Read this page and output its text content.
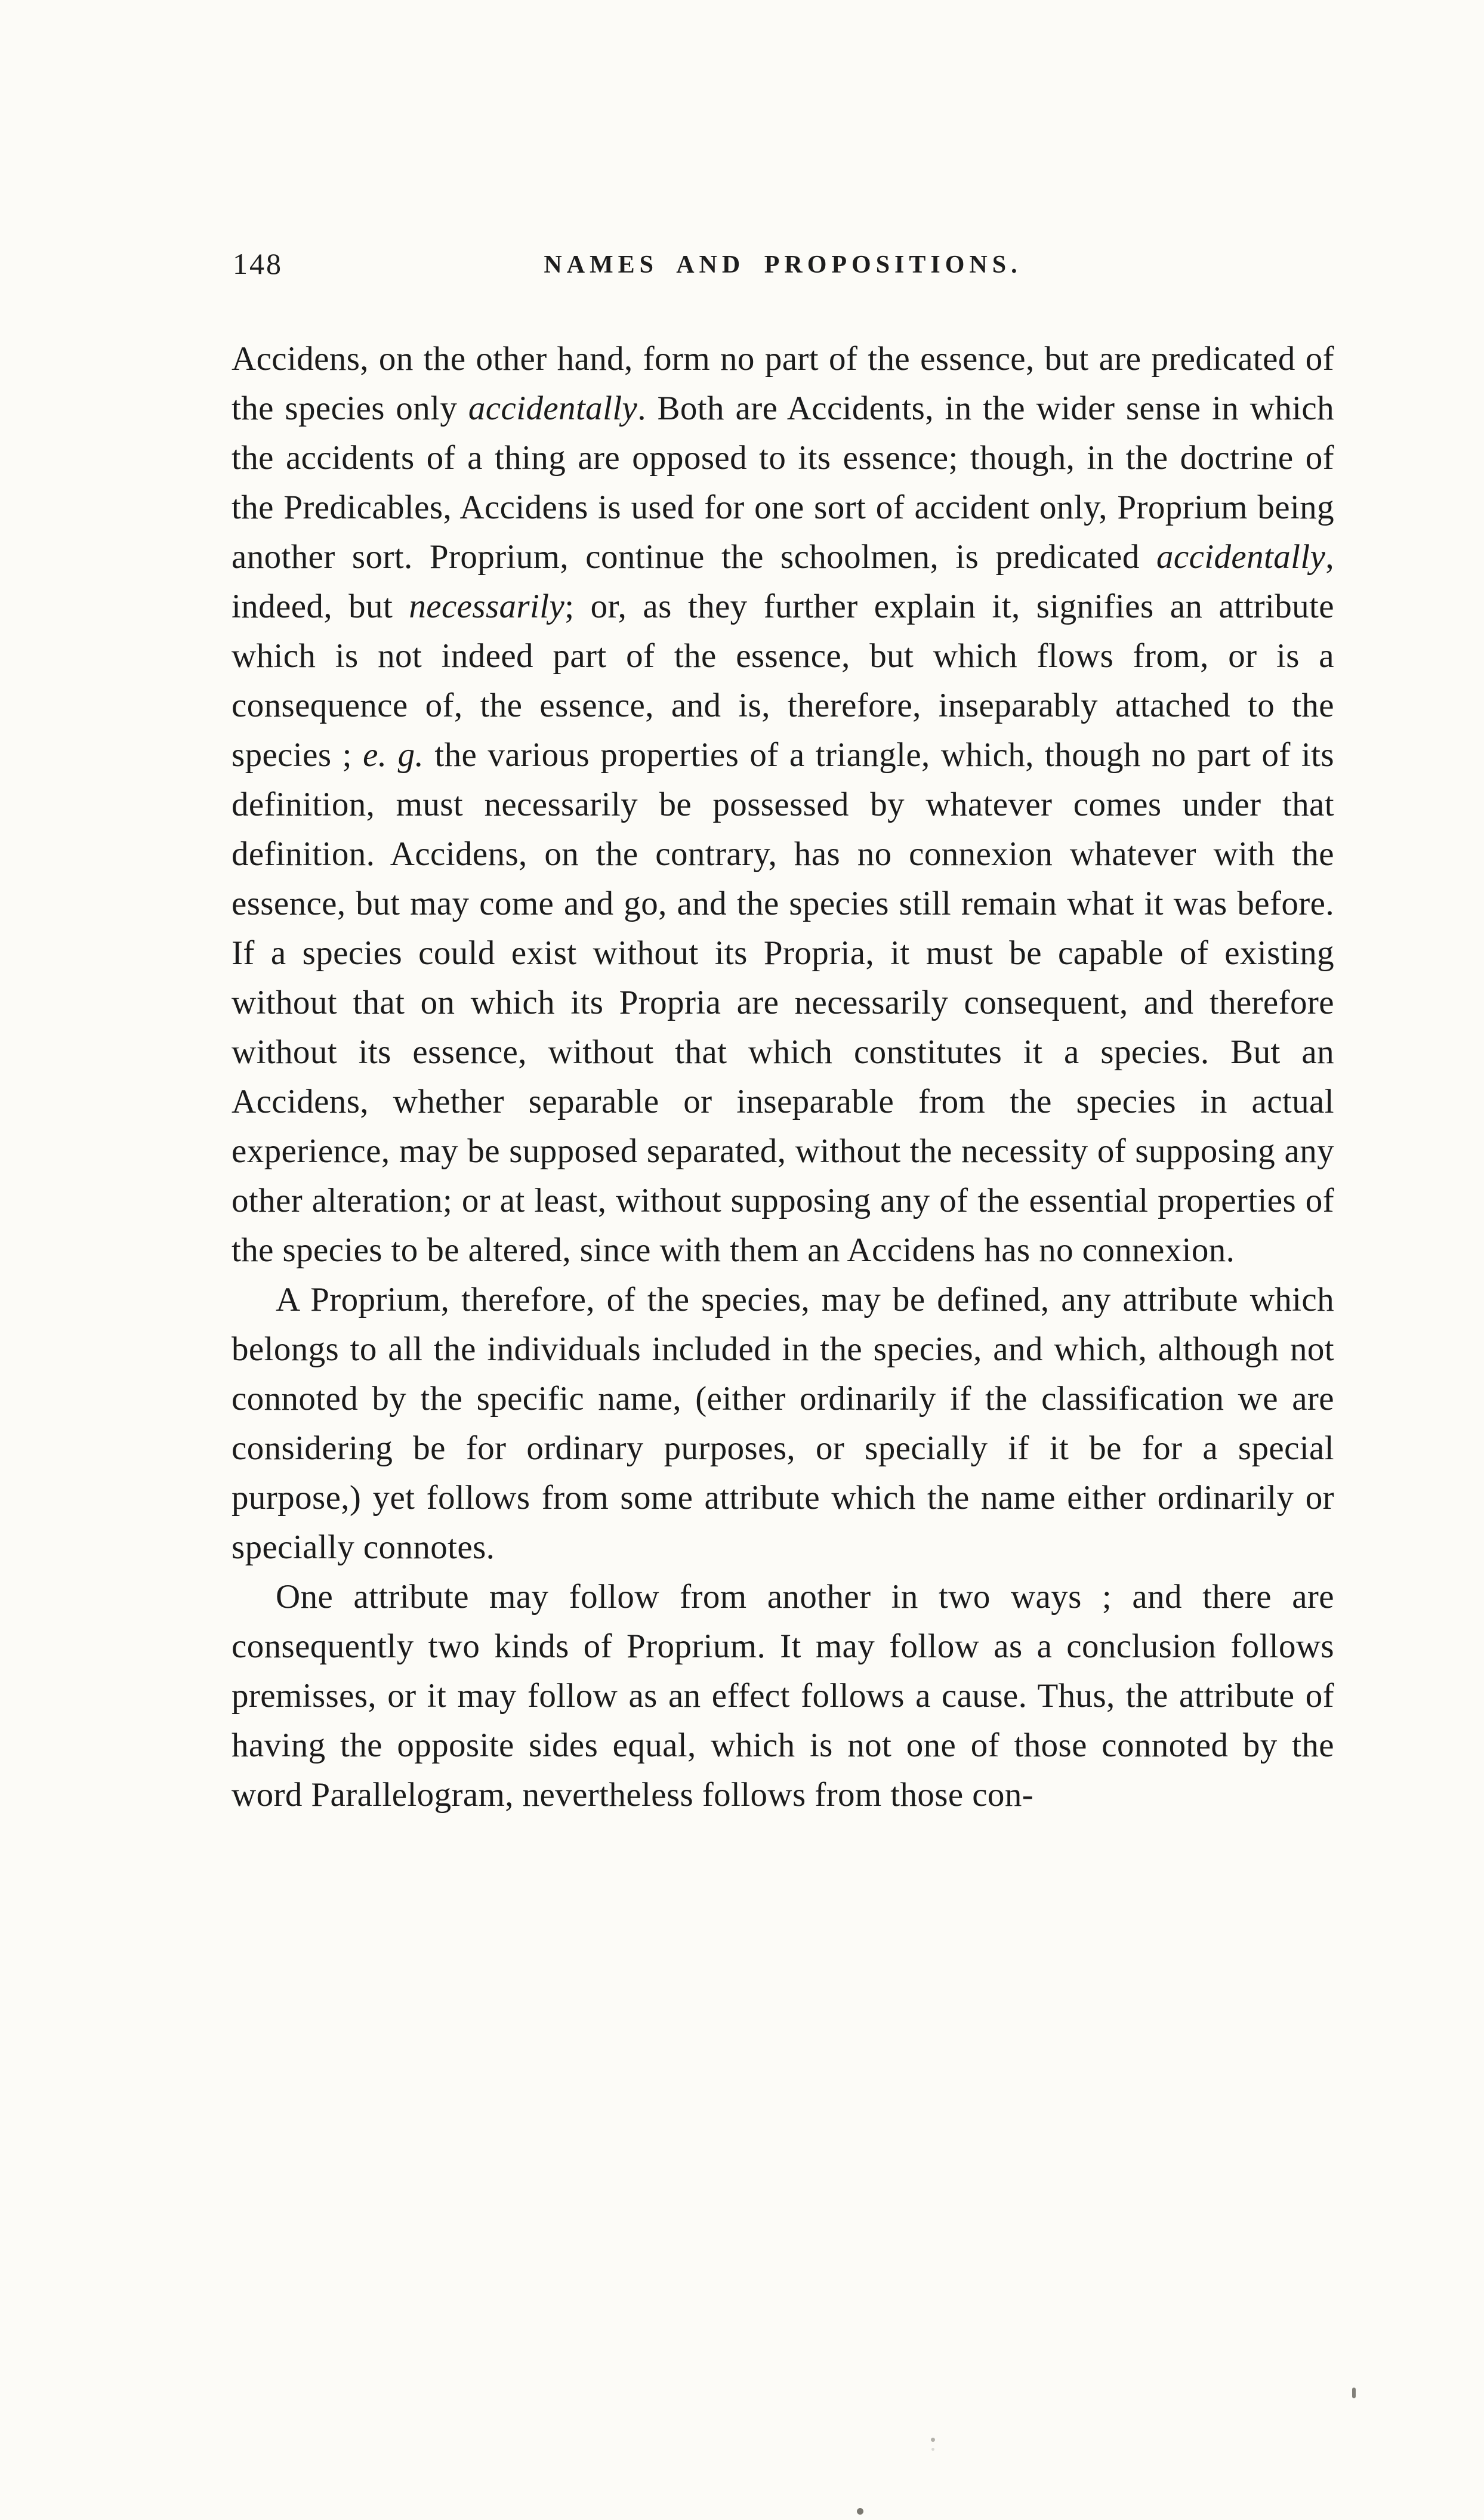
148	NAMES AND PROPOSITIONS.

Accidens, on the other hand, form no part of the essence, but are predicated of the species only accidentally. Both are Accidents, in the wider sense in which the accidents of a thing are opposed to its essence; though, in the doctrine of the Predicables, Accidens is used for one sort of accident only, Proprium being another sort. Proprium, continue the schoolmen, is predicated accidentally, indeed, but necessarily; or, as they further explain it, signifies an attribute which is not indeed part of the essence, but which flows from, or is a consequence of, the essence, and is, therefore, inseparably attached to the species ; e. g. the various properties of a triangle, which, though no part of its definition, must necessarily be possessed by whatever comes under that definition. Accidens, on the contrary, has no connexion whatever with the essence, but may come and go, and the species still remain what it was before. If a species could exist without its Propria, it must be capable of existing without that on which its Propria are necessarily consequent, and therefore without its essence, without that which constitutes it a species. But an Accidens, whether separable or inseparable from the species in actual experience, may be supposed separated, without the necessity of supposing any other alteration; or at least, without supposing any of the essential properties of the species to be altered, since with them an Accidens has no connexion.

A Proprium, therefore, of the species, may be defined, any attribute which belongs to all the individuals included in the species, and which, although not connoted by the specific name, (either ordinarily if the classification we are considering be for ordinary purposes, or specially if it be for a special purpose,) yet follows from some attribute which the name either ordinarily or specially connotes.

One attribute may follow from another in two ways ; and there are consequently two kinds of Proprium. It may follow as a conclusion follows premisses, or it may follow as an effect follows a cause. Thus, the attribute of having the opposite sides equal, which is not one of those connoted by the word Parallelogram, nevertheless follows from those con-
